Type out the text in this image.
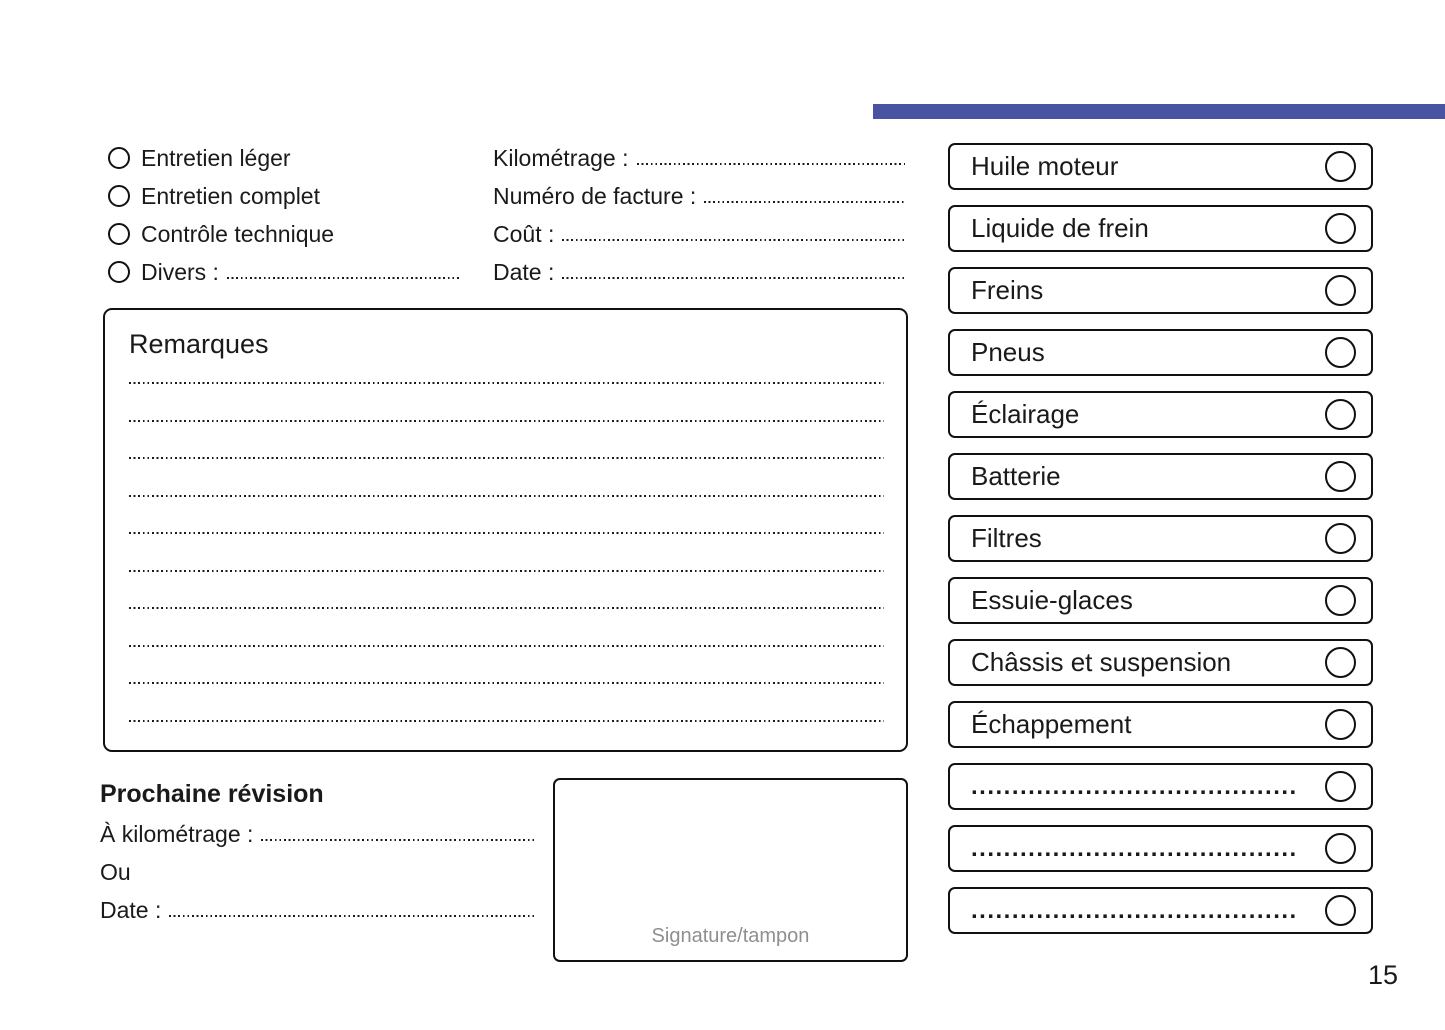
Entretien léger
Entretien complet
Contrôle technique
Divers :
Kilométrage :
Numéro de facture :
Coût :
Date :
Remarques
Huile moteur
Liquide de frein
Freins
Pneus
Éclairage
Batterie
Filtres
Essuie-glaces
Châssis et suspension
Échappement
........................................
........................................
........................................
Prochaine révision
À kilométrage :
Ou
Date :
Signature/tampon
15
